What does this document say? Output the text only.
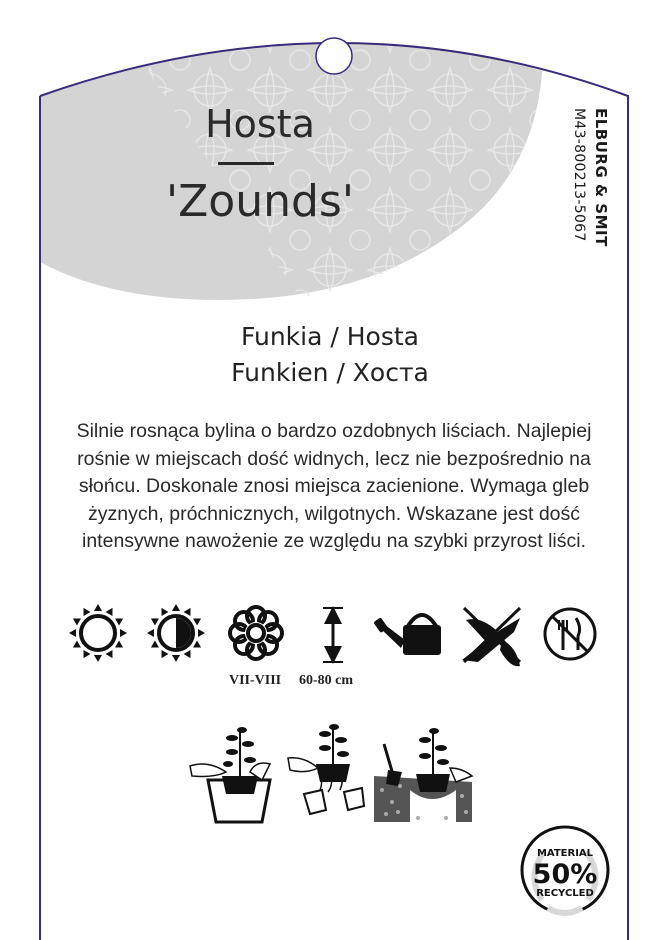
MATERIAL
50%
RECYCLED
Hosta
'Zounds'	ELBURG & SMIT
M43-800213-5067
Funkia / Hosta
Funkien / Хоста

Silnie rosnąca bylina o bardzo ozdobnych liściach. Najlepiej rośnie w miejscach dość widnych, lecz nie bezpośrednio na słońcu. Doskonale znosi miejsca zacienione. Wymaga gleb żyznych, próchnicznych, wilgotnych. Wskazane jest dość intensywne nawożenie ze względu na szybki przyrost liści.

VII-VIII 60-80 cm
